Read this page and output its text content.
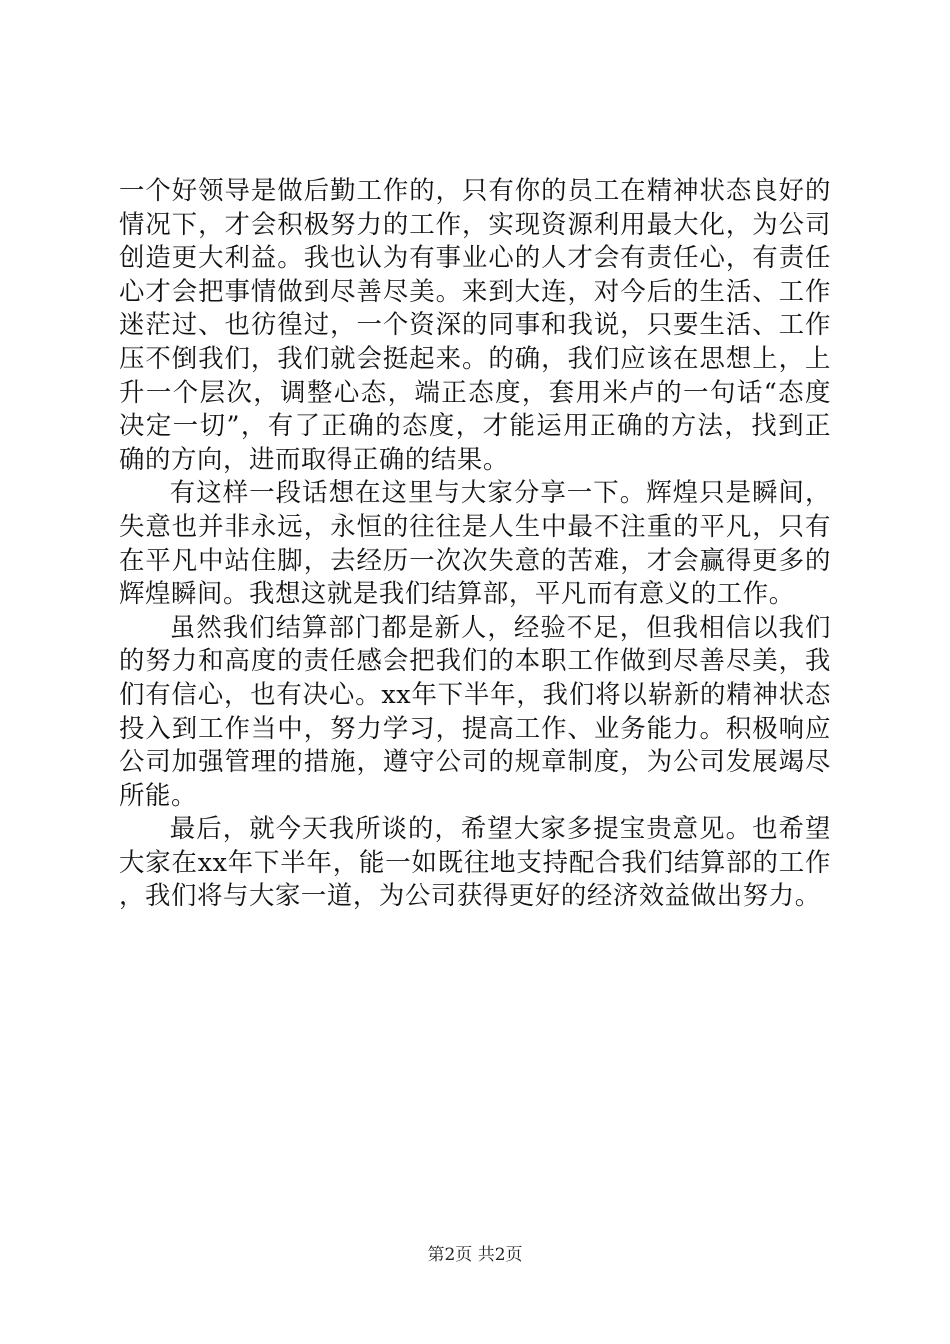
一个好领导是做后勤工作的，只有你的员工在精神状态良好的情况下，才会积极努力的工作，实现资源利用最大化，为公司创造更大利益。我也认为有事业心的人才会有责任心，有责任心才会把事情做到尽善尽美。来到大连，对今后的生活、工作迷茫过、也彷徨过，一个资深的同事和我说，只要生活、工作压不倒我们，我们就会挺起来。的确，我们应该在思想上，上升一个层次，调整心态，端正态度，套用米卢的一句话“态度决定一切”，有了正确的态度，才能运用正确的方法，找到正确的方向，进而取得正确的结果。

有这样一段话想在这里与大家分享一下。辉煌只是瞬间，失意也并非永远，永恒的往往是人生中最不注重的平凡，只有在平凡中站住脚，去经历一次次失意的苦难，才会赢得更多的辉煌瞬间。我想这就是我们结算部，平凡而有意义的工作。

虽然我们结算部门都是新人，经验不足，但我相信以我们的努力和高度的责任感会把我们的本职工作做到尽善尽美，我们有信心，也有决心。xx年下半年，我们将以崭新的精神状态投入到工作当中，努力学习，提高工作、业务能力。积极响应公司加强管理的措施，遵守公司的规章制度，为公司发展竭尽所能。

最后，就今天我所谈的，希望大家多提宝贵意见。也希望大家在xx年下半年，能一如既往地支持配合我们结算部的工作，我们将与大家一道，为公司获得更好的经济效益做出努力。

第2页 共2页
